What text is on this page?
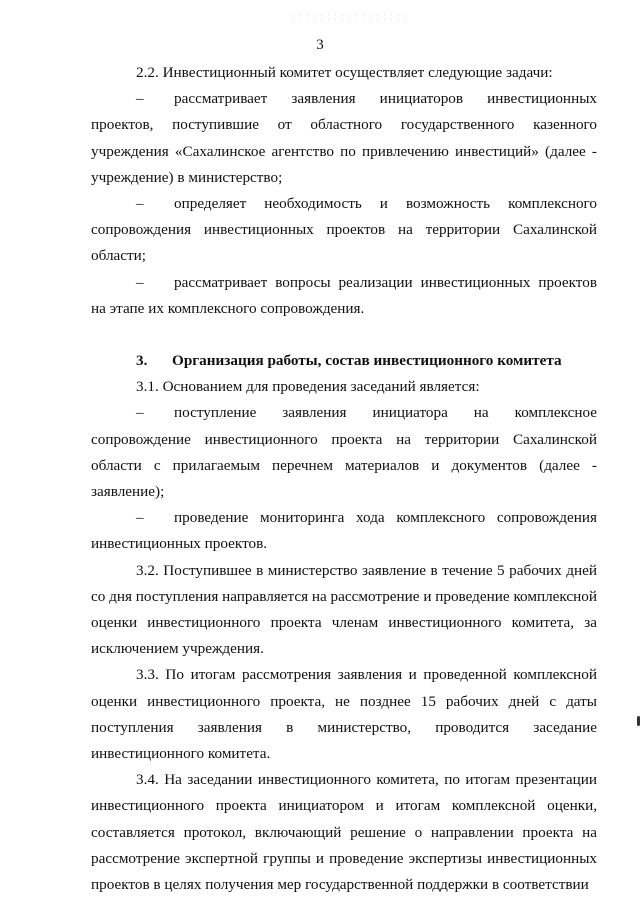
3

2.2. Инвестиционный комитет осуществляет следующие задачи:

– рассматривает заявления инициаторов инвестиционных проектов, поступившие от областного государственного казенного учреждения «Сахалинское агентство по привлечению инвестиций» (далее - учреждение) в министерство;

– определяет необходимость и возможность комплексного сопровождения инвестиционных проектов на территории Сахалинской области;

– рассматривает вопросы реализации инвестиционных проектов на этапе их комплексного сопровождения.

3. Организация работы, состав инвестиционного комитета

3.1. Основанием для проведения заседаний является:

– поступление заявления инициатора на комплексное сопровождение инвестиционного проекта на территории Сахалинской области с прилагаемым перечнем материалов и документов (далее - заявление);

– проведение мониторинга хода комплексного сопровождения инвестиционных проектов.

3.2. Поступившее в министерство заявление в течение 5 рабочих дней со дня поступления направляется на рассмотрение и проведение комплексной оценки инвестиционного проекта членам инвестиционного комитета, за исключением учреждения.

3.3. По итогам рассмотрения заявления и проведенной комплексной оценки инвестиционного проекта, не позднее 15 рабочих дней с даты поступления заявления в министерство, проводится заседание инвестиционного комитета.

3.4. На заседании инвестиционного комитета, по итогам презентации инвестиционного проекта инициатором и итогам комплексной оценки, составляется протокол, включающий решение о направлении проекта на рассмотрение экспертной группы и проведение экспертизы инвестиционных проектов в целях получения мер государственной поддержки в соответствии
